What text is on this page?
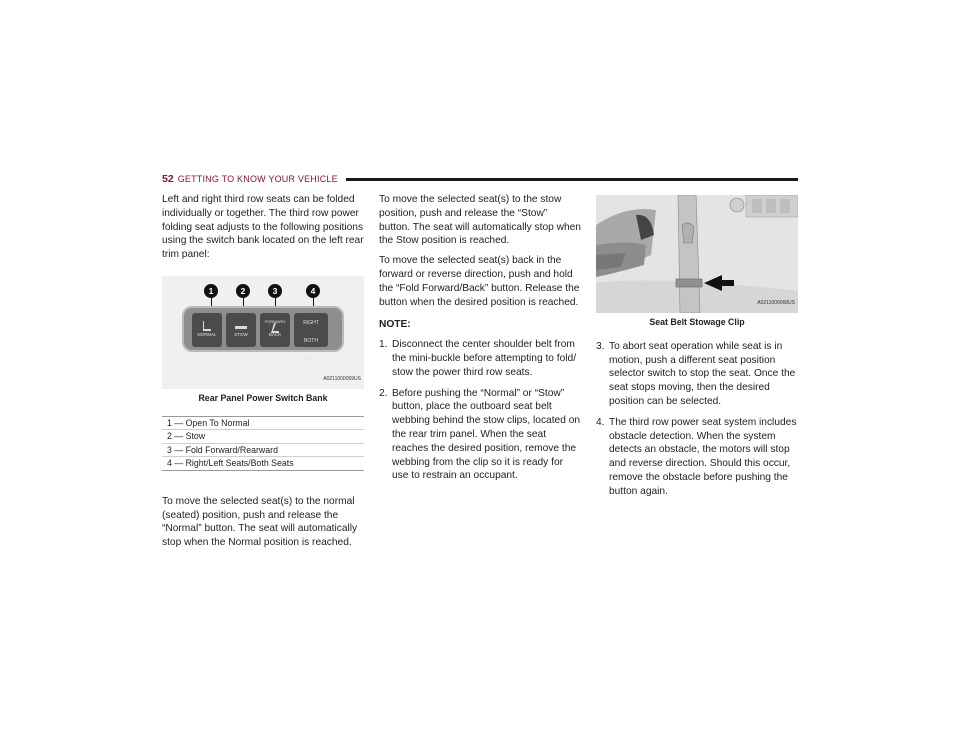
52 GETTING TO KNOW YOUR VEHICLE

Left and right third row seats can be folded individually or together. The third row power folding seat adjusts to the following positions using the switch bank located on the left rear trim panel:

1	2	3	4
NORMAL	STOW
FORWARD
BACK
RIGHT
BOTH
LEFT
A0211000059US
Rear Panel Power Switch Bank
1 — Open To Normal
2 — Stow
3 — Fold Forward/Rearward
4 — Right/Left Seats/Both Seats

To move the selected seat(s) to the normal (seated) position, push and release the “Normal” button. The seat will automatically stop when the Normal position is reached.

To move the selected seat(s) to the stow position, push and release the “Stow” button. The seat will automatically stop when the Stow position is reached.

To move the selected seat(s) back in the forward or reverse direction, push and hold the “Fold Forward/Back” button. Release the button when the desired position is reached.

NOTE:
1. Disconnect the center shoulder belt from the mini-buckle before attempting to fold/ stow the power third row seats.
2. Before pushing the “Normal” or “Stow” button, place the outboard seat belt webbing behind the stow clips, located on the rear trim panel. When the seat reaches the desired position, remove the webbing from the clip so it is ready for use to restrain an occupant.
A0211000068US
Seat Belt Stowage Clip
3. To abort seat operation while seat is in motion, push a different seat position selector switch to stop the seat. Once the seat stops moving, then the desired position can be selected.
4. The third row power seat system includes obstacle detection. When the system detects an obstacle, the motors will stop and reverse direction. Should this occur, remove the obstacle before pushing the button again.
